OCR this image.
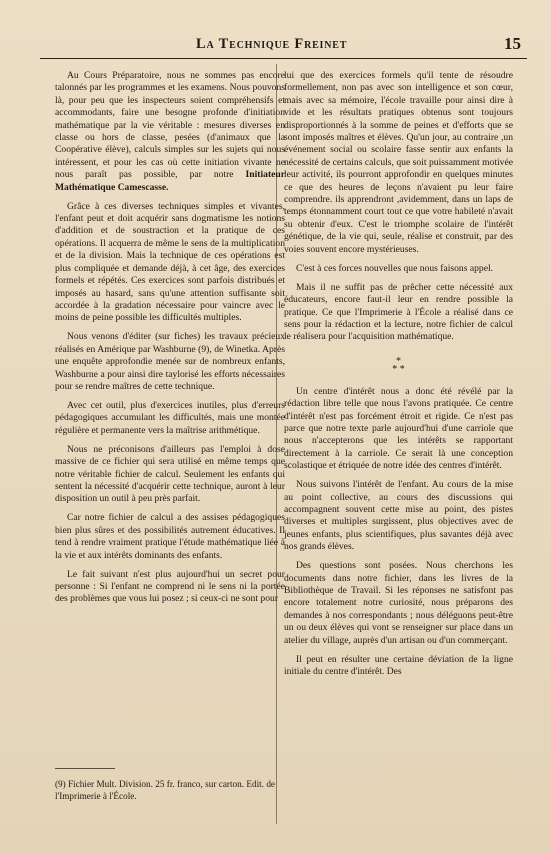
La Technique Freinet	15

Au Cours Préparatoire, nous ne sommes pas encore talonnés par les programmes et les examens. Nous pouvons là, pour peu que les inspecteurs soient compréhensifs et accommodants, faire une besogne profonde d'initiation mathématique par la vie véritable : mesures diverses en classe ou hors de classe, pesées (d'animaux que la Coopérative élève), calculs simples sur les sujets qui nous intéressent, et pour les cas où cette initiation vivante ne nous paraît pas possible, par notre Initiateur Mathématique Camescasse.

Grâce à ces diverses techniques simples et vivantes, l'enfant peut et doit acquérir sans dogmatisme les notions d'addition et de soustraction et la pratique de ces opérations. Il acquerra de même le sens de la multiplication et de la division. Mais la technique de ces opérations est plus compliquée et demande déjà, à cet âge, des exercices formels et répétés. Ces exercices sont parfois distribués et imposés au hasard, sans qu'une attention suffisante soit accordée à la gradation nécessaire pour vaincre avec le moins de peine possible les difficultés multiples.

Nous venons d'éditer (sur fiches) les travaux précieux réalisés en Amérique par Washburne (9), de Winetka. Après une enquête approfondie menée sur de nombreux enfants, Washburne a pour ainsi dire taylorisé les efforts nécessaires pour se rendre maîtres de cette technique.

Avec cet outil, plus d'exercices inutiles, plus d'erreurs pédagogiques accumulant les difficultés, mais une montée régulière et permanente vers la maîtrise arithmétique.

Nous ne préconisons d'ailleurs pas l'emploi à dose massive de ce fichier qui sera utilisé en même temps que notre véritable fichier de calcul. Seulement les enfants qui sentent la nécessité d'acquérir cette technique, auront à leur disposition un outil à peu près parfait.

Car notre fichier de calcul a des assises pédagogiques bien plus sûres et des possibilités autrement éducatives. Il tend à rendre vraiment pratique l'étude mathématique liée à la vie et aux intérêts dominants des enfants.

Le fait suivant n'est plus aujourd'hui un secret pour personne : Si l'enfant ne comprend ni le sens ni la portée des problèmes que vous lui posez ; si ceux-ci ne sont pour

(9) Fichier Mult. Division. 25 fr. franco, sur carton. Edit. de l'Imprimerie à l'École.

lui que des exercices formels qu'il tente de résoudre formellement, non pas avec son intelligence et son cœur, mais avec sa mémoire, l'école travaille pour ainsi dire à vide et les résultats pratiques obtenus sont toujours disproportionnés à la somme de peines et d'efforts que se sont imposés maîtres et élèves. Qu'un jour, au contraire ,un événement social ou scolaire fasse sentir aux enfants la nécessité de certains calculs, que soit puissamment motivée leur activité, ils pourront approfondir en quelques minutes ce que des heures de leçons n'avaient pu leur faire comprendre. ils apprendront ,avidemment, dans un laps de temps étonnamment court tout ce que votre habileté n'avait su obtenir d'eux. C'est le triomphe scolaire de l'intérêt génétique, de la vie qui, seule, réalise et construit, par des voies souvent encore mystérieuses.

C'est à ces forces nouvelles que nous faisons appel.

Mais il ne suffit pas de prêcher cette nécessité aux éducateurs, encore faut-il leur en rendre possible la pratique. Ce que l'Imprimerie à l'École a réalisé dans ce sens pour la rédaction et la lecture, notre fichier de calcul le réalisera pour l'acquisition mathématique.

*
* *

Un centre d'intérêt nous a donc été révélé par la rédaction libre telle que nous l'avons pratiquée. Ce centre d'intérêt n'est pas forcément étroit et rigide. Ce n'est pas parce que notre texte parle aujourd'hui d'une carriole que nous n'accepterons que les intérêts se rapportant directement à la carriole. Ce serait là une conception scolastique et étriquée de notre idée des centres d'intérêt.

Nous suivons l'intérêt de l'enfant. Au cours de la mise au point collective, au cours des discussions qui accompagnent souvent cette mise au point, des pistes diverses et multiples surgissent, plus objectives avec de jeunes enfants, plus scientifiques, plus savantes déjà avec nos grands élèves.

Des questions sont posées. Nous cherchons les documents dans notre fichier, dans les livres de la Bibliothèque de Travail. Si les réponses ne satisfont pas encore totalement notre curiosité, nous préparons des demandes à nos correspondants ; nous déléguons peut-être un ou deux élèves qui vont se renseigner sur place dans un atelier du village, auprès d'un artisan ou d'un commerçant.

Il peut en résulter une certaine déviation de la ligne initiale du centre d'intérêt. Des
